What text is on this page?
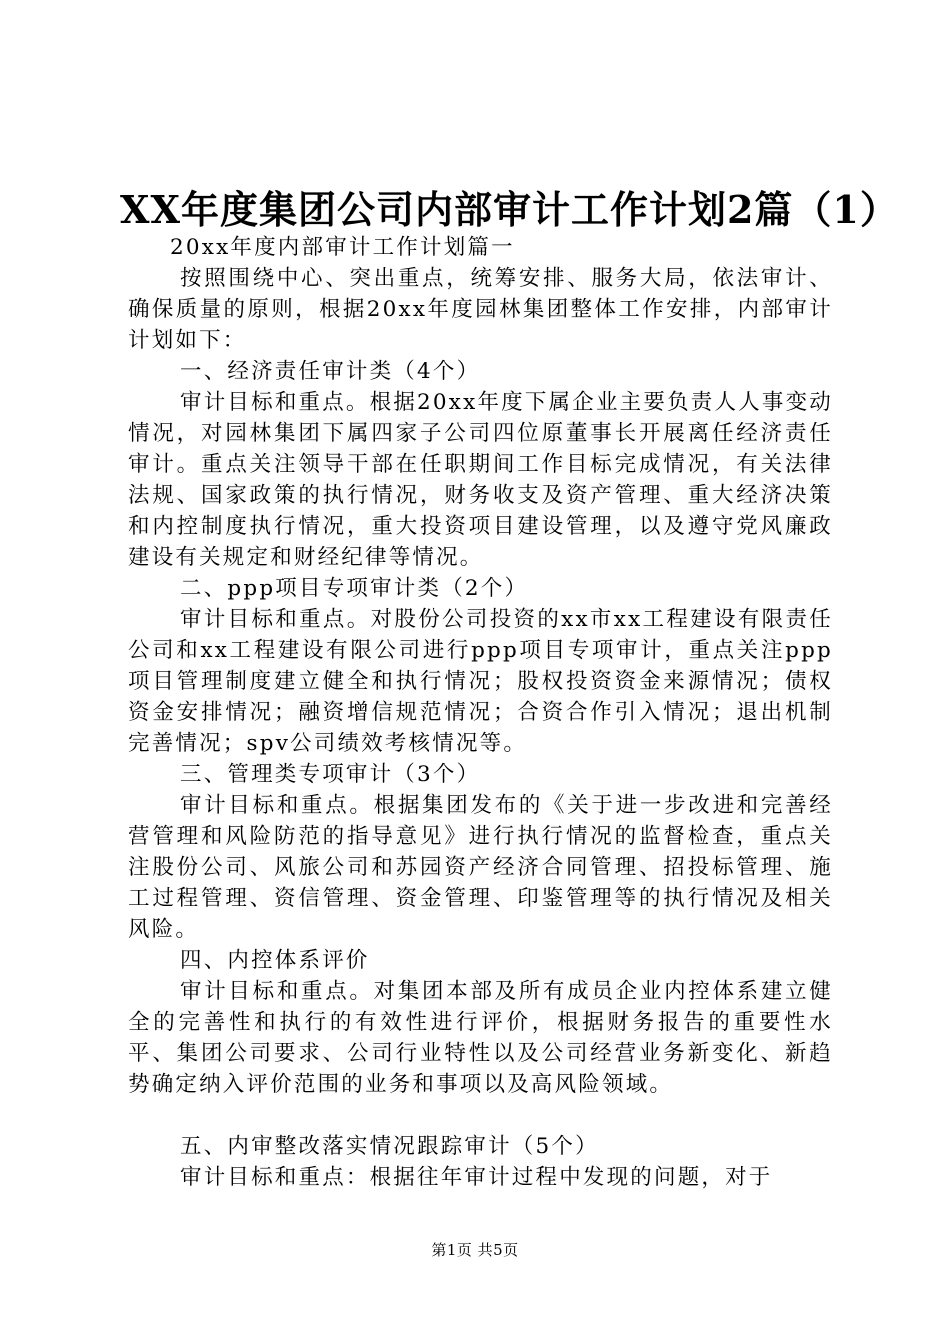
XX年度集团公司内部审计工作计划2篇（1）

20xx年度内部审计工作计划篇一

按照围绕中心、突出重点，统筹安排、服务大局，依法审计、确保质量的原则，根据20xx年度园林集团整体工作安排，内部审计计划如下：

一、经济责任审计类（4个）

审计目标和重点。根据20xx年度下属企业主要负责人人事变动情况，对园林集团下属四家子公司四位原董事长开展离任经济责任审计。重点关注领导干部在任职期间工作目标完成情况，有关法律法规、国家政策的执行情况，财务收支及资产管理、重大经济决策和内控制度执行情况，重大投资项目建设管理，以及遵守党风廉政建设有关规定和财经纪律等情况。

二、ppp项目专项审计类（2个）

审计目标和重点。对股份公司投资的xx市xx工程建设有限责任公司和xx工程建设有限公司进行ppp项目专项审计，重点关注ppp项目管理制度建立健全和执行情况；股权投资资金来源情况；债权资金安排情况；融资增信规范情况；合资合作引入情况；退出机制完善情况；spv公司绩效考核情况等。

三、管理类专项审计（3个）

审计目标和重点。根据集团发布的《关于进一步改进和完善经营管理和风险防范的指导意见》进行执行情况的监督检查，重点关注股份公司、风旅公司和苏园资产经济合同管理、招投标管理、施工过程管理、资信管理、资金管理、印鉴管理等的执行情况及相关风险。

四、内控体系评价

审计目标和重点。对集团本部及所有成员企业内控体系建立健全的完善性和执行的有效性进行评价，根据财务报告的重要性水平、集团公司要求、公司行业特性以及公司经营业务新变化、新趋势确定纳入评价范围的业务和事项以及高风险领域。

五、内审整改落实情况跟踪审计（5个）

审计目标和重点：根据往年审计过程中发现的问题，对于

第1页 共5页
